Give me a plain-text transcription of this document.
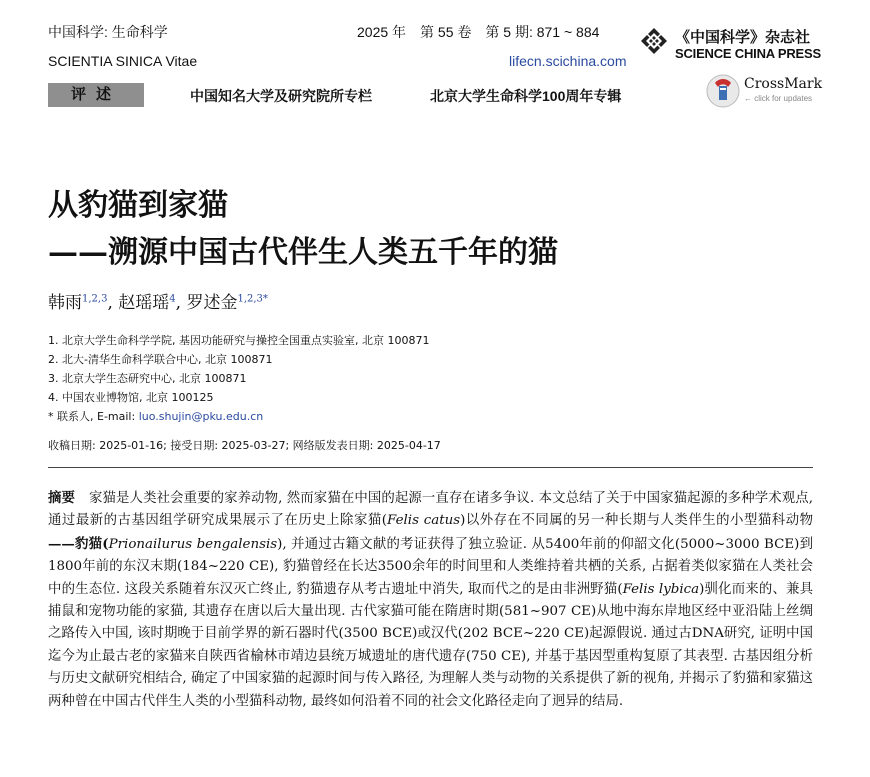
中国科学: 生命科学	2025 年　第 55 卷　第 5 期: 871 ~ 884
SCIENTIA SINICA Vitae	lifecn.scichina.com
《中国科学》杂志社
SCIENCE CHINA PRESS
评述	中国知名大学及研究院所专栏	北京大学生命科学100周年专辑
CrossMark
← click for updates
从豹猫到家猫
——溯源中国古代伴生人类五千年的猫
韩雨$^{1,2,3}$, 赵瑶瑶$^4$, 罗述金$^{1,2,3*}$
1. 北京大学生命科学学院, 基因功能研究与操控全国重点实验室, 北京 100871
2. 北大-清华生命科学联合中心, 北京 100871
3. 北京大学生态研究中心, 北京 100871
4. 中国农业博物馆, 北京 100125
* 联系人, E-mail: luo.shujin@pku.edu.cn
收稿日期: 2025-01-16; 接受日期: 2025-03-27; 网络版发表日期: 2025-04-17
摘要 家猫是人类社会重要的家养动物, 然而家猫在中国的起源一直存在诸多争议. 本文总结了关于中国家猫起源的多种学术观点, 通过最新的古基因组学研究成果展示了在历史上除家猫(Felis catus)以外存在不同属的另一种长期与人类伴生的小型猫科动物——豹猫(Prionailurus bengalensis), 并通过古籍文献的考证获得了独立验证. 从5400年前的仰韶文化(5000~3000 BCE)到1800年前的东汉末期(184~220 CE), 豹猫曾经在长达3500余年的时间里和人类维持着共栖的关系, 占据着类似家猫在人类社会中的生态位. 这段关系随着东汉灭亡终止, 豹猫遗存从考古遗址中消失, 取而代之的是由非洲野猫(Felis lybica)驯化而来的、兼具捕鼠和宠物功能的家猫, 其遗存在唐以后大量出现. 古代家猫可能在隋唐时期(581~907 CE)从地中海东岸地区经中亚沿陆上丝绸之路传入中国, 该时期晚于目前学界的新石器时代(3500 BCE)或汉代(202 BCE~220 CE)起源假说. 通过古DNA研究, 证明中国迄今为止最古老的家猫来自陕西省榆林市靖边县统万城遗址的唐代遗存(750 CE), 并基于基因型重构复原了其表型. 古基因组分析与历史文献研究相结合, 确定了中国家猫的起源时间与传入路径, 为理解人类与动物的关系提供了新的视角, 并揭示了豹猫和家猫这两种曾在中国古代伴生人类的小型猫科动物, 最终如何沿着不同的社会文化路径走向了迥异的结局.
